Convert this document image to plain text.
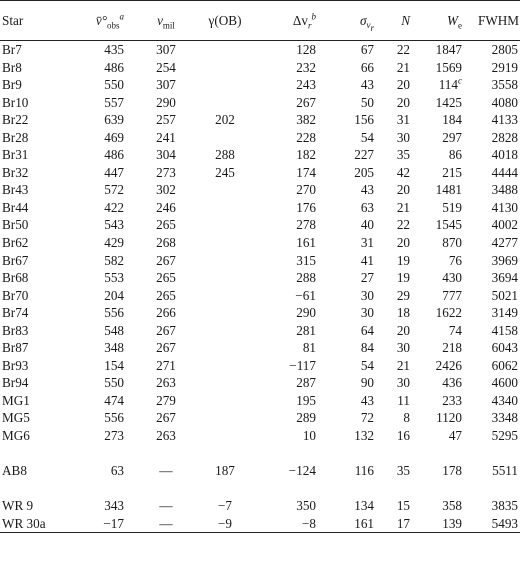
Star	$v̄^\circ_{obs}^a$	$v_{mil}$	γ(OB)	$\Delta v_r^b$	$\sigma_{v_r}$	N	$W_e$	FWHM
Br7	435	307		128	67	22	1847	2805
Br8	486	254		232	66	21	1569	2919
Br9	550	307		243	43	20	114$^c$	3558
Br10	557	290		267	50	20	1425	4080
Br22	639	257	202	382	156	31	184	4133
Br28	469	241		228	54	30	297	2828
Br31	486	304	288	182	227	35	86	4018
Br32	447	273	245	174	205	42	215	4444
Br43	572	302		270	43	20	1481	3488
Br44	422	246		176	63	21	519	4130
Br50	543	265		278	40	22	1545	4002
Br62	429	268		161	31	20	870	4277
Br67	582	267		315	41	19	76	3969
Br68	553	265		288	27	19	430	3694
Br70	204	265		−61	30	29	777	5021
Br74	556	266		290	30	18	1622	3149
Br83	548	267		281	64	20	74	4158
Br87	348	267		81	84	30	218	6043
Br93	154	271		−117	54	21	2426	6062
Br94	550	263		287	90	30	436	4600
MG1	474	279		195	43	11	233	4340
MG5	556	267		289	72	8	1120	3348
MG6	273	263		10	132	16	47	5295

AB8	63	—	187	−124	116	35	178	5511

WR 9	343	—	−7	350	134	15	358	3835
WR 30a	−17	—	−9	−8	161	17	139	5493
